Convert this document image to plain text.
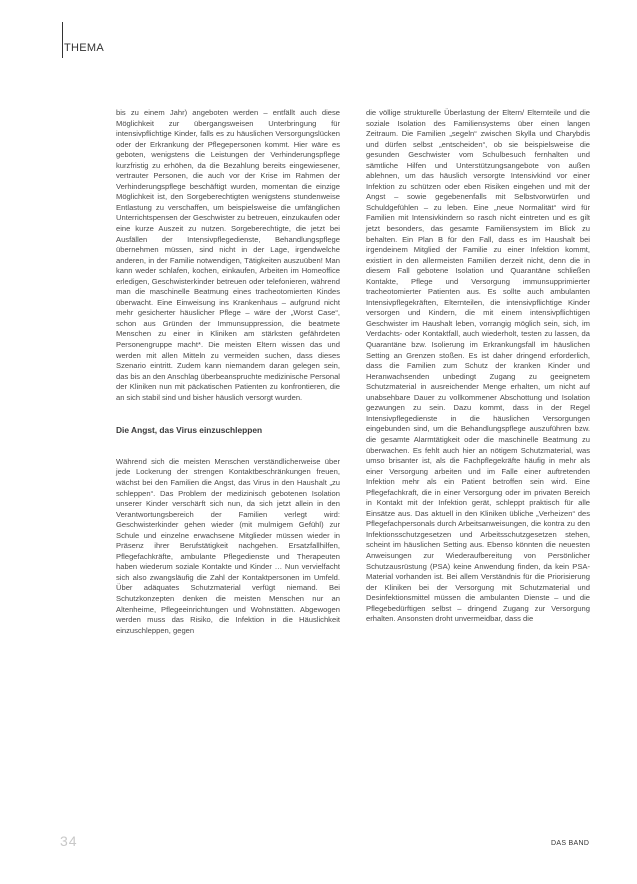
THEMA

bis zu einem Jahr) angeboten werden – entfällt auch diese Möglichkeit zur übergangsweisen Unterbringung für intensivpflichtige Kinder, falls es zu häuslichen Versorgungslücken oder der Erkrankung der Pflegepersonen kommt. Hier wäre es geboten, wenigstens die Leistungen der Verhinderungspflege kurzfristig zu erhöhen, da die Bezahlung bereits eingewiesener, vertrauter Personen, die auch vor der Krise im Rahmen der Verhinderungspflege beschäftigt wurden, momentan die einzige Möglichkeit ist, den Sorgeberechtigten wenigstens stundenweise Entlastung zu verschaffen, um beispielsweise die umfänglichen Unterrichtspensen der Geschwister zu betreuen, einzukaufen oder eine kurze Auszeit zu nutzen. Sorgeberechtigte, die jetzt bei Ausfällen der Intensivpflegedienste, Behandlungspflege übernehmen müssen, sind nicht in der Lage, irgendwelche anderen, in der Familie notwendigen, Tätigkeiten auszuüben! Man kann weder schlafen, kochen, einkaufen, Arbeiten im Homeoffice erledigen, Geschwisterkinder betreuen oder telefonieren, während man die maschinelle Beatmung eines tracheotomierten Kindes überwacht. Eine Einweisung ins Krankenhaus – aufgrund nicht mehr gesicherter häuslicher Pflege – wäre der „Worst Case“, schon aus Gründen der Immunsuppression, die beatmete Menschen zu einer in Kliniken am stärksten gefährdeten Personengruppe macht*. Die meisten Eltern wissen das und werden mit allen Mitteln zu vermeiden suchen, dass dieses Szenario eintritt. Zudem kann niemandem daran gelegen sein, das bis an den Anschlag überbeanspruchte medizinische Personal der Kliniken nun mit päckatischen Patienten zu konfrontieren, die an sich stabil sind und bisher häuslich versorgt wurden.

Die Angst, das Virus einzuschleppen

Während sich die meisten Menschen verständlicherweise über jede Lockerung der strengen Kontaktbeschränkungen freuen, wächst bei den Familien die Angst, das Virus in den Haushalt „zu schleppen“. Das Problem der medizinisch gebotenen Isolation unserer Kinder verschärft sich nun, da sich jetzt allein in den Verantwortungsbereich der Familien verlegt wird: Geschwisterkinder gehen wieder (mit mulmigem Gefühl) zur Schule und einzelne erwachsene Mitglieder müssen wieder in Präsenz ihrer Berufstätigkeit nachgehen. Ersatzfallhilfen, Pflegefachkräfte, ambulante Pflegedienste und Therapeuten haben wiederum soziale Kontakte und Kinder … Nun vervielfacht sich also zwangsläufig die Zahl der Kontaktpersonen im Umfeld. Über adäquates Schutzmaterial verfügt niemand. Bei Schutzkonzepten denken die meisten Menschen nur an Altenheime, Pflegeeinrichtungen und Wohnstätten. Abgewogen werden muss das Risiko, die Infektion in die Häuslichkeit einzuschleppen, gegen

die völlige strukturelle Überlastung der Eltern/ Elternteile und die soziale Isolation des Familiensystems über einen langen Zeitraum. Die Familien „segeln“ zwischen Skylla und Charybdis und dürfen selbst „entscheiden“, ob sie beispielsweise die gesunden Geschwister vom Schulbesuch fernhalten und sämtliche Hilfen und Unterstützungsangebote von außen ablehnen, um das häuslich versorgte Intensivkind vor einer Infektion zu schützen oder eben Risiken eingehen und mit der Angst – sowie gegebenenfalls mit Selbstvorwürfen und Schuldgefühlen – zu leben. Eine „neue Normalität“ wird für Familien mit Intensivkindern so rasch nicht eintreten und es gilt jetzt besonders, das gesamte Familiensystem im Blick zu behalten. Ein Plan B für den Fall, dass es im Haushalt bei irgendeinem Mitglied der Familie zu einer Infektion kommt, existiert in den allermeisten Familien derzeit nicht, denn die in diesem Fall gebotene Isolation und Quarantäne schließen Kontakte, Pflege und Versorgung immunsupprimierter tracheotomierter Patienten aus. Es sollte auch ambulanten Intensivpflegekräften, Elternteilen, die intensivpflichtige Kinder versorgen und Kindern, die mit einem intensivpflichtigen Geschwister im Haushalt leben, vorrangig möglich sein, sich, im Verdachts- oder Kontaktfall, auch wiederholt, testen zu lassen, da Quarantäne bzw. Isolierung im Erkrankungsfall im häuslichen Setting an Grenzen stoßen. Es ist daher dringend erforderlich, dass die Familien zum Schutz der kranken Kinder und Heranwachsenden unbedingt Zugang zu geeignetem Schutzmaterial in ausreichender Menge erhalten, um nicht auf unabsehbare Dauer zu vollkommener Abschottung und Isolation gezwungen zu sein. Dazu kommt, dass in der Regel Intensivpflegedienste in die häuslichen Versorgungen eingebunden sind, um die Behandlungspflege auszuführen bzw. die gesamte Alarmtätigkeit oder die maschinelle Beatmung zu überwachen. Es fehlt auch hier an nötigem Schutzmaterial, was umso brisanter ist, als die Fachpflegekräfte häufig in mehr als einer Versorgung arbeiten und im Falle einer auftretenden Infektion mehr als ein Patient betroffen sein wird. Eine Pflegefachkraft, die in einer Versorgung oder im privaten Bereich in Kontakt mit der Infektion gerät, schleppt praktisch für alle Einsätze aus. Das aktuell in den Kliniken übliche „Verheizen“ des Pflegefachpersonals durch Arbeitsanweisungen, die kontra zu den Infektionsschutzgesetzen und Arbeitsschutzgesetzen stehen, scheint im häuslichen Setting aus. Ebenso könnten die neuesten Anweisungen zur Wiederaufbereitung von Persönlicher Schutzausrüstung (PSA) keine Anwendung finden, da kein PSA-Material vorhanden ist. Bei allem Verständnis für die Priorisierung der Kliniken bei der Versorgung mit Schutzmaterial und Desinfektionsmittel müssen die ambulanten Dienste – und die Pflegebedürftigen selbst – dringend Zugang zur Versorgung erhalten. Ansonsten droht unvermeidbar, dass die

34	DAS BAND
